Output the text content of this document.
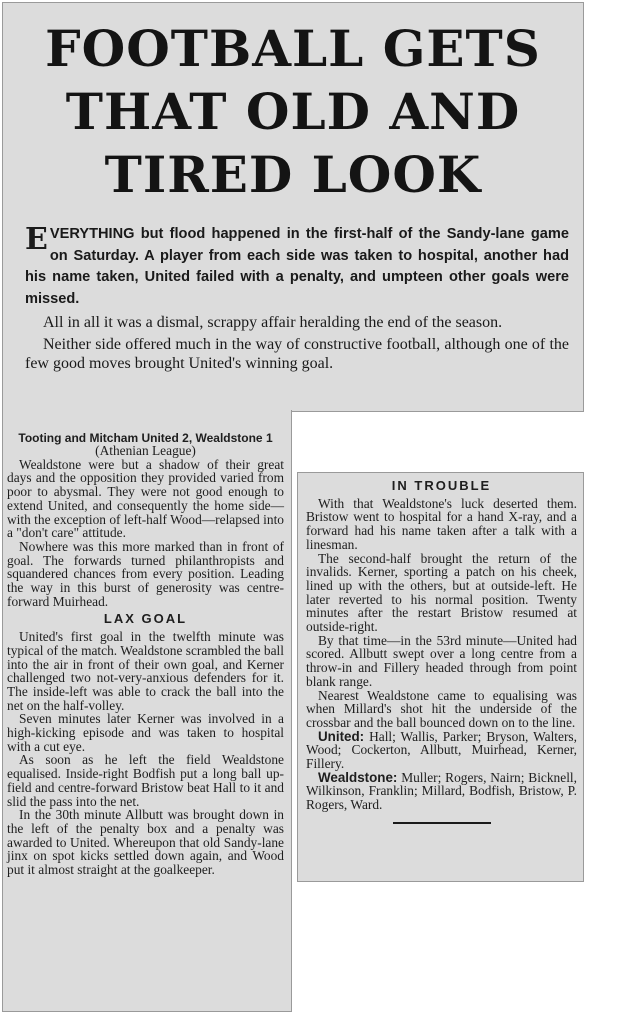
FOOTBALL GETS
THAT OLD AND
TIRED LOOK
EVERYTHING but flood happened in the first-half of the Sandy-lane game on Saturday. A player from each side was taken to hospital, another had his name taken, United failed with a penalty, and umpteen other goals were missed.

All in all it was a dismal, scrappy affair heralding the end of the season.

Neither side offered much in the way of constructive football, although one of the few good moves brought United's winning goal.

Tooting and Mitcham United 2, Wealdstone 1

(Athenian League)

Wealdstone were but a shadow of their great days and the opposition they provided varied from poor to abysmal. They were not good enough to extend United, and consequently the home side—with the exception of left-half Wood—relapsed into a "don't care" attitude.

Nowhere was this more marked than in front of goal. The forwards turned philanthropists and squandered chances from every position. Leading the way in this burst of generosity was centre-forward Muirhead.

LAX GOAL

United's first goal in the twelfth minute was typical of the match. Wealdstone scrambled the ball into the air in front of their own goal, and Kerner challenged two not-very-anxious defenders for it. The inside-left was able to crack the ball into the net on the half-volley.

Seven minutes later Kerner was involved in a high-kicking episode and was taken to hospital with a cut eye.

As soon as he left the field Wealdstone equalised. Inside-right Bodfish put a long ball up-field and centre-forward Bristow beat Hall to it and slid the pass into the net.

In the 30th minute Allbutt was brought down in the left of the penalty box and a penalty was awarded to United. Whereupon that old Sandy-lane jinx on spot kicks settled down again, and Wood put it almost straight at the goalkeeper.

IN TROUBLE

With that Wealdstone's luck deserted them. Bristow went to hospital for a hand X-ray, and a forward had his name taken after a talk with a linesman.

The second-half brought the return of the invalids. Kerner, sporting a patch on his cheek, lined up with the others, but at outside-left. He later reverted to his normal position. Twenty minutes after the restart Bristow resumed at outside-right.

By that time—in the 53rd minute—United had scored. Allbutt swept over a long centre from a throw-in and Fillery headed through from point blank range.

Nearest Wealdstone came to equalising was when Millard's shot hit the underside of the crossbar and the ball bounced down on to the line.

United: Hall; Wallis, Parker; Bryson, Walters, Wood; Cockerton, Allbutt, Muirhead, Kerner, Fillery.

Wealdstone: Muller; Rogers, Nairn; Bicknell, Wilkinson, Franklin; Millard, Bodfish, Bristow, P. Rogers, Ward.
